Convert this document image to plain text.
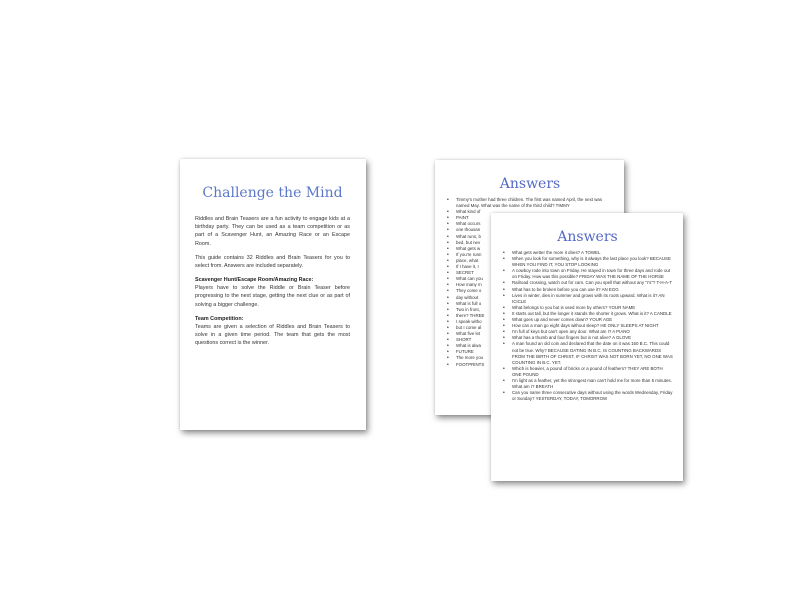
Challenge the Mind

Riddles and Brain Teasers are a fun activity to engage kids at a birthday party. They can be used as a team competition or as part of a Scavenger Hunt, an Amazing Race or an Escape Room.

This guide contains 32 Riddles and Brain Teasers for you to select from. Answers are included separately.

Scavenger Hunt/Escape Room/Amazing Race:

Players have to solve the Riddle or Brain Teaser before progressing to the next stage, getting the next clue or as part of solving a bigger challenge.

Team Competition:

Teams are given a selection of Riddles and Brain Teasers to solve in a given time period. The team that gets the most questions correct is the winner.

Answers
• Timmy's mother had three children. The first was named April, the next was named May. What was the name of the third child? TIMMY
• What kind of
• PAINT
• What occurs
• one thousan
• What runs, b
• bed, but nev
• What gets w
• If you're runn
• place, what
• If I have it, I
• SECRET
• What can you
• How many m
• They come o
• day without
• What is full o
• Two in front,
• there? THREE
• I speak witho
• but I come al
• What five let
• SHORT
• What is alwa
• FUTURE
• The more you
• FOOTPRINTS
Answers
• What gets wetter the more it dries? A TOWEL
• When you look for something, why is it always the last place you look? BECAUSE WHEN YOU FIND IT, YOU STOP LOOKING
• A cowboy rode into town on Friday. He stayed in town for three days and rode out on Friday. How was this possible? FRIDAY WAS THE NAME OF THE HORSE
• Railroad crossing, watch out for cars. Can you spell that without any "r's"? T-H-A-T
• What has to be broken before you can use it? AN EGG
• Lives in winter, dies in summer and grows with its roots upward. What is it? AN ICICLE
• What belongs to you but is used more by others? YOUR NAME
• It starts out tall, but the longer it stands the shorter it grows. What is it? A CANDLE
• What goes up and never comes down? YOUR AGE
• How can a man go eight days without sleep? HE ONLY SLEEPS AT NIGHT
• I'm full of keys but can't open any door. What am I? A PIANO
• What has a thumb and four fingers but is not alive? A GLOVE
• A man found an old coin and declared that the date on it was 150 B.C. This could not be true. Why? BECAUSE DATING IN B.C. IS COUNTING BACKWARDS FROM THE BIRTH OF CHRIST. IF CHRIST WAS NOT BORN YET, NO ONE WAS COUNTING IN B.C. YET.
• Which is heavier, a pound of bricks or a pound of feathers? THEY ARE BOTH ONE POUND
• I'm light as a feather, yet the strongest man can't hold me for more than 5 minutes. What am I? BREATH
• Can you name three consecutive days without using the words Wednesday, Friday or Sunday? YESTERDAY, TODAY, TOMORROW
